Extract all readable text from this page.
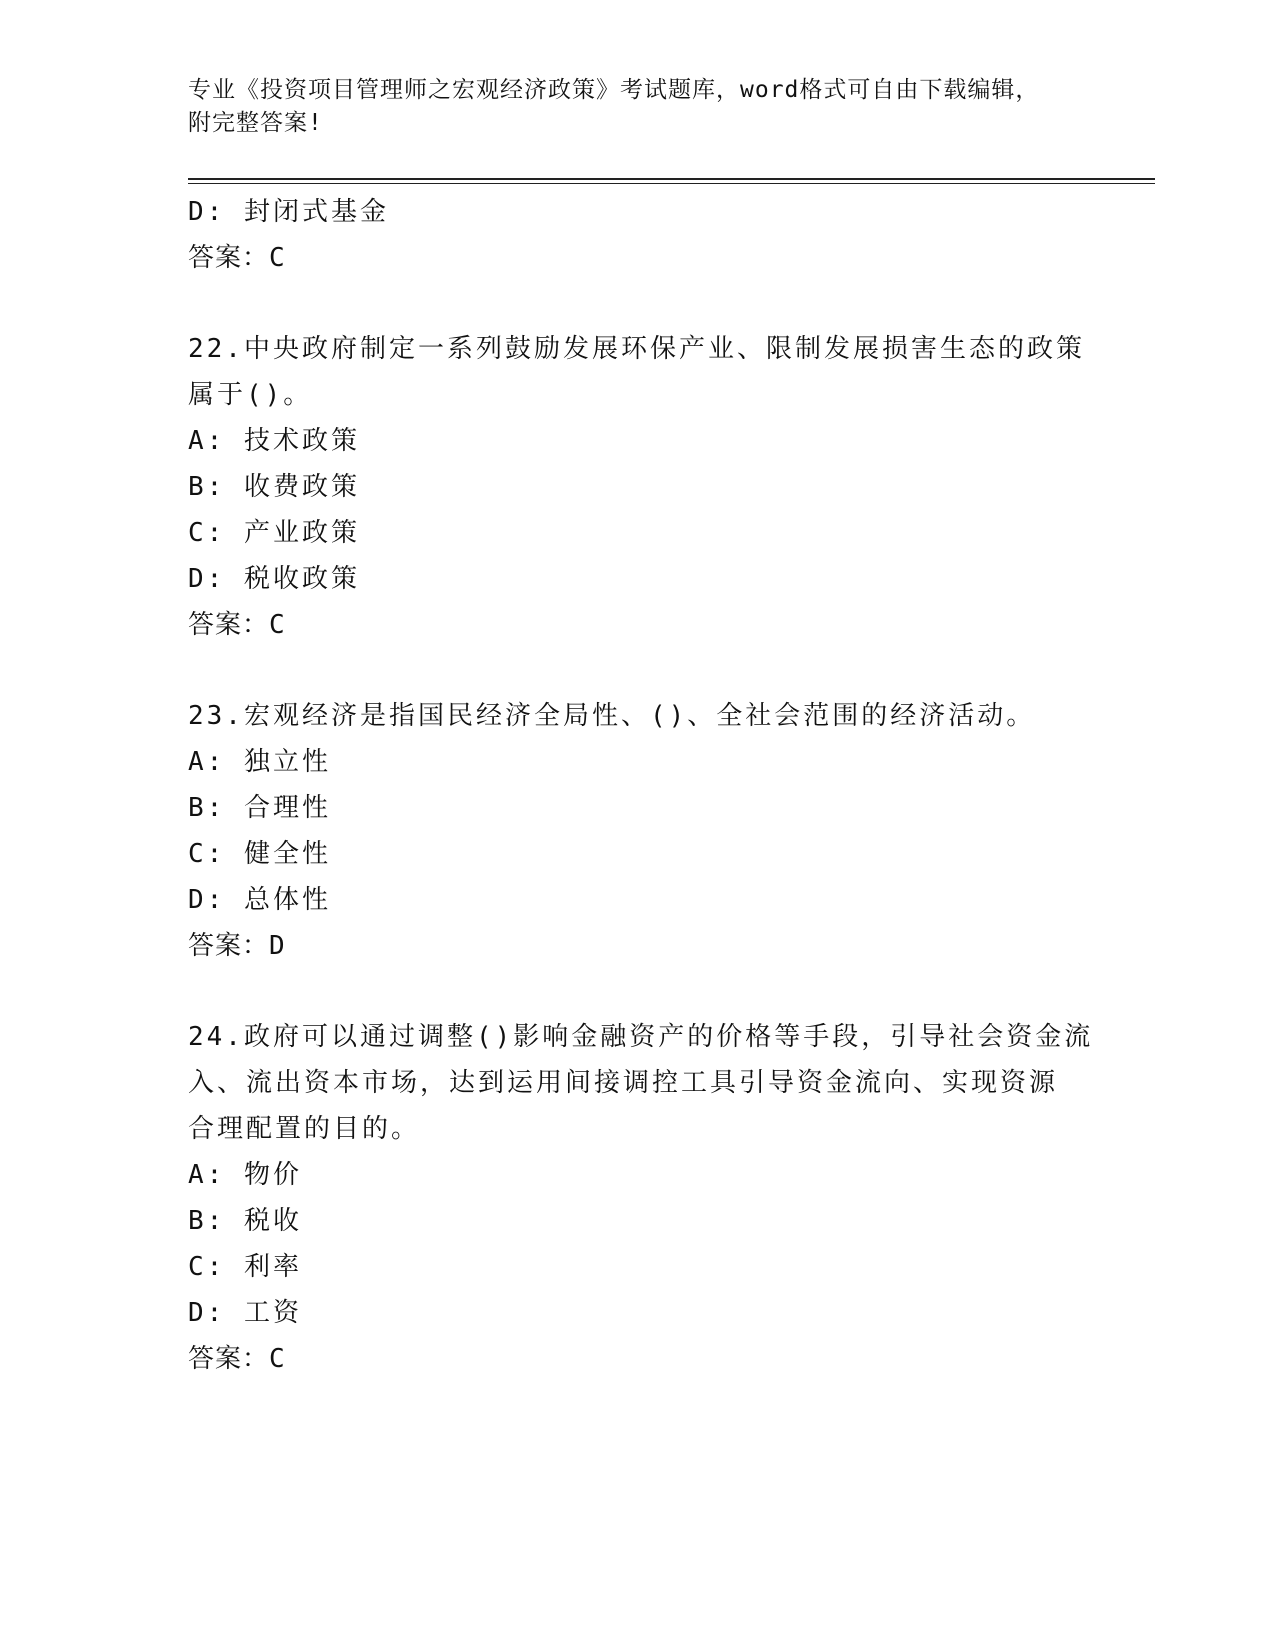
专业《投资项目管理师之宏观经济政策》考试题库，word格式可自由下载编辑，
附完整答案!
D: 封闭式基金
答案：C
22.中央政府制定一系列鼓励发展环保产业、限制发展损害生态的政策
属于()。
A: 技术政策
B: 收费政策
C: 产业政策
D: 税收政策
答案：C
23.宏观经济是指国民经济全局性、()、全社会范围的经济活动。
A: 独立性
B: 合理性
C: 健全性
D: 总体性
答案：D
24.政府可以通过调整()影响金融资产的价格等手段，引导社会资金流
入、流出资本市场，达到运用间接调控工具引导资金流向、实现资源
合理配置的目的。
A: 物价
B: 税收
C: 利率
D: 工资
答案：C
